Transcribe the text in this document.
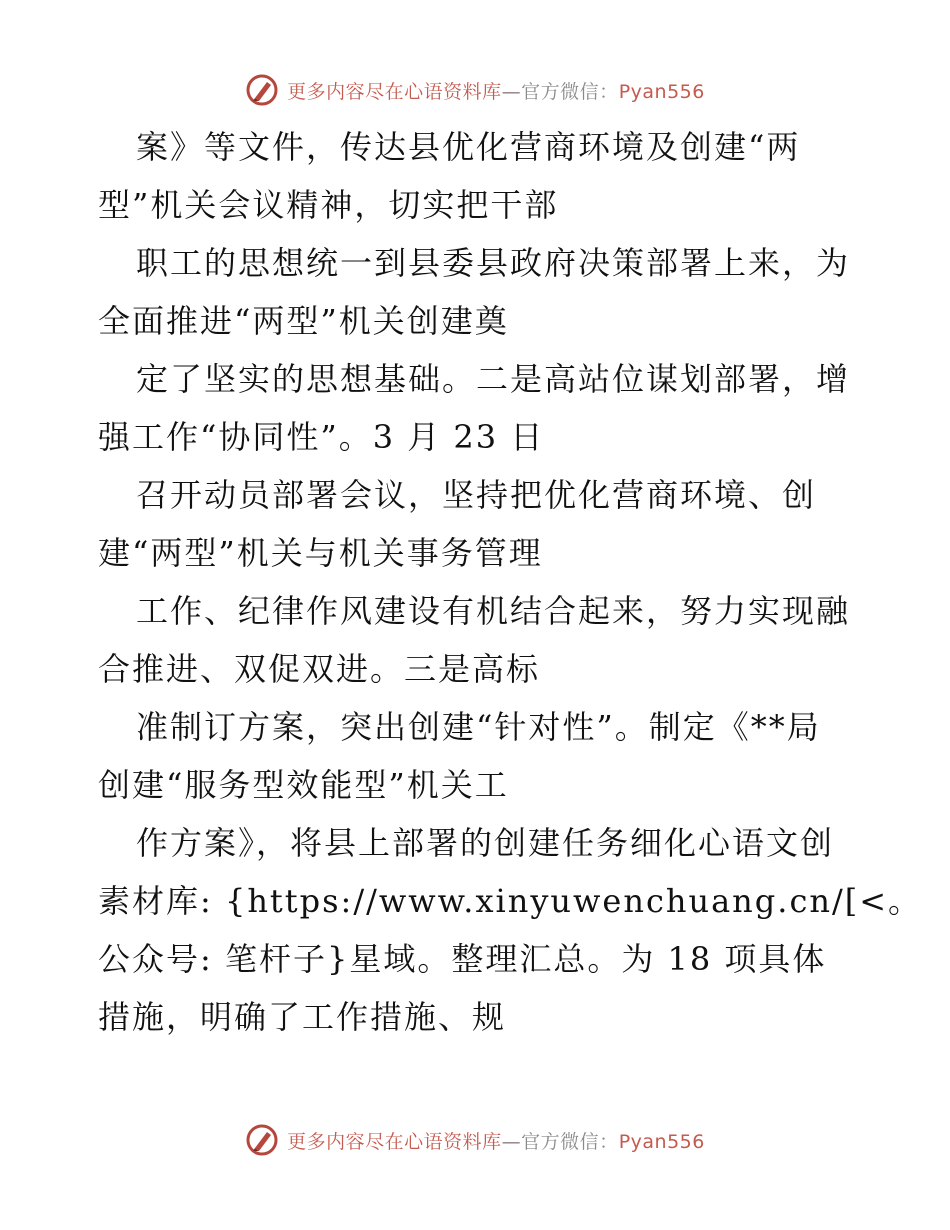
更多内容尽在心语资料库—官方微信：Pyan556

案》等文件，传达县优化营商环境及创建“两
型”机关会议精神，切实把干部
职工的思想统一到县委县政府决策部署上来，为
全面推进“两型”机关创建奠
定了坚实的思想基础。二是高站位谋划部署，增
强工作“协同性”。3 月 23 日
召开动员部署会议，坚持把优化营商环境、创
建“两型”机关与机关事务管理
工作、纪律作风建设有机结合起来，努力实现融
合推进、双促双进。三是高标
准制订方案，突出创建“针对性”。制定《**局
创建“服务型效能型”机关工
作方案》，将县上部署的创建任务细化心语文创
素材库: {https://www.xinyuwenchuang.cn/[<。
公众号: 笔杆子}星域。整理汇总。为 18 项具体
措施，明确了工作措施、规

更多内容尽在心语资料库—官方微信：Pyan556
